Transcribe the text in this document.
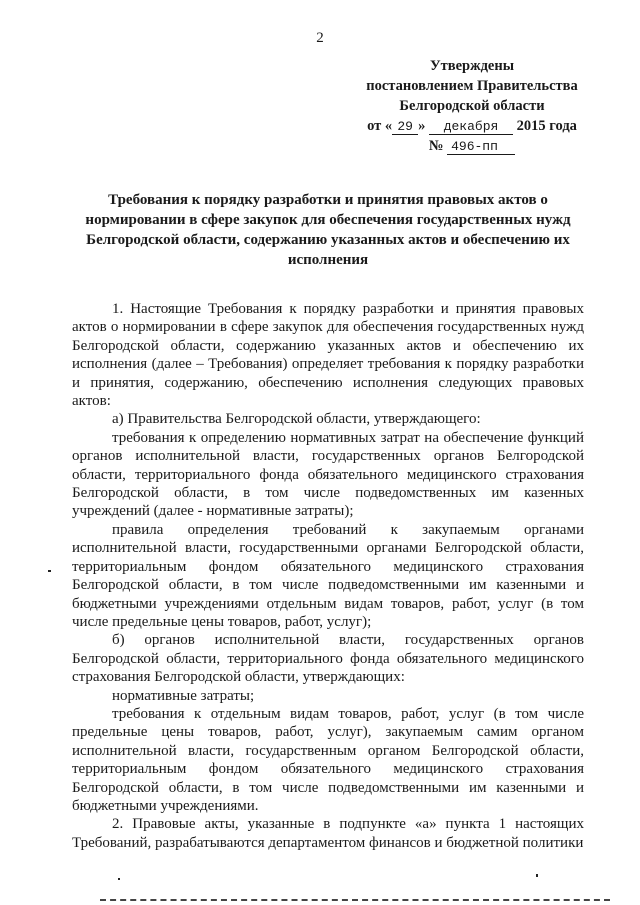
2
Утверждены
постановлением Правительства
Белгородской области
от « 29 » декабря 2015 года
№ 496-пп
Требования к порядку разработки и принятия правовых актов о нормировании в сфере закупок для обеспечения государственных нужд Белгородской области, содержанию указанных актов и обеспечению их исполнения

1. Настоящие Требования к порядку разработки и принятия правовых актов о нормировании в сфере закупок для обеспечения государственных нужд Белгородской области, содержанию указанных актов и обеспечению их исполнения (далее – Требования) определяет требования к порядку разработки и принятия, содержанию, обеспечению исполнения следующих правовых актов:

а) Правительства Белгородской области, утверждающего:

требования к определению нормативных затрат на обеспечение функций органов исполнительной власти, государственных органов Белгородской области, территориального фонда обязательного медицинского страхования Белгородской области, в том числе подведомственных им казенных учреждений (далее - нормативные затраты);

правила определения требований к закупаемым органами исполнительной власти, государственными органами Белгородской области, территориальным фондом обязательного медицинского страхования Белгородской области, в том числе подведомственными им казенными и бюджетными учреждениями отдельным видам товаров, работ, услуг (в том числе предельные цены товаров, работ, услуг);

б) органов исполнительной власти, государственных органов Белгородской области, территориального фонда обязательного медицинского страхования Белгородской области, утверждающих:

нормативные затраты;

требования к отдельным видам товаров, работ, услуг (в том числе предельные цены товаров, работ, услуг), закупаемым самим органом исполнительной власти, государственным органом Белгородской области, территориальным фондом обязательного медицинского страхования Белгородской области, в том числе подведомственными им казенными и бюджетными учреждениями.

2. Правовые акты, указанные в подпункте «а» пункта 1 настоящих Требований, разрабатываются департаментом финансов и бюджетной политики
